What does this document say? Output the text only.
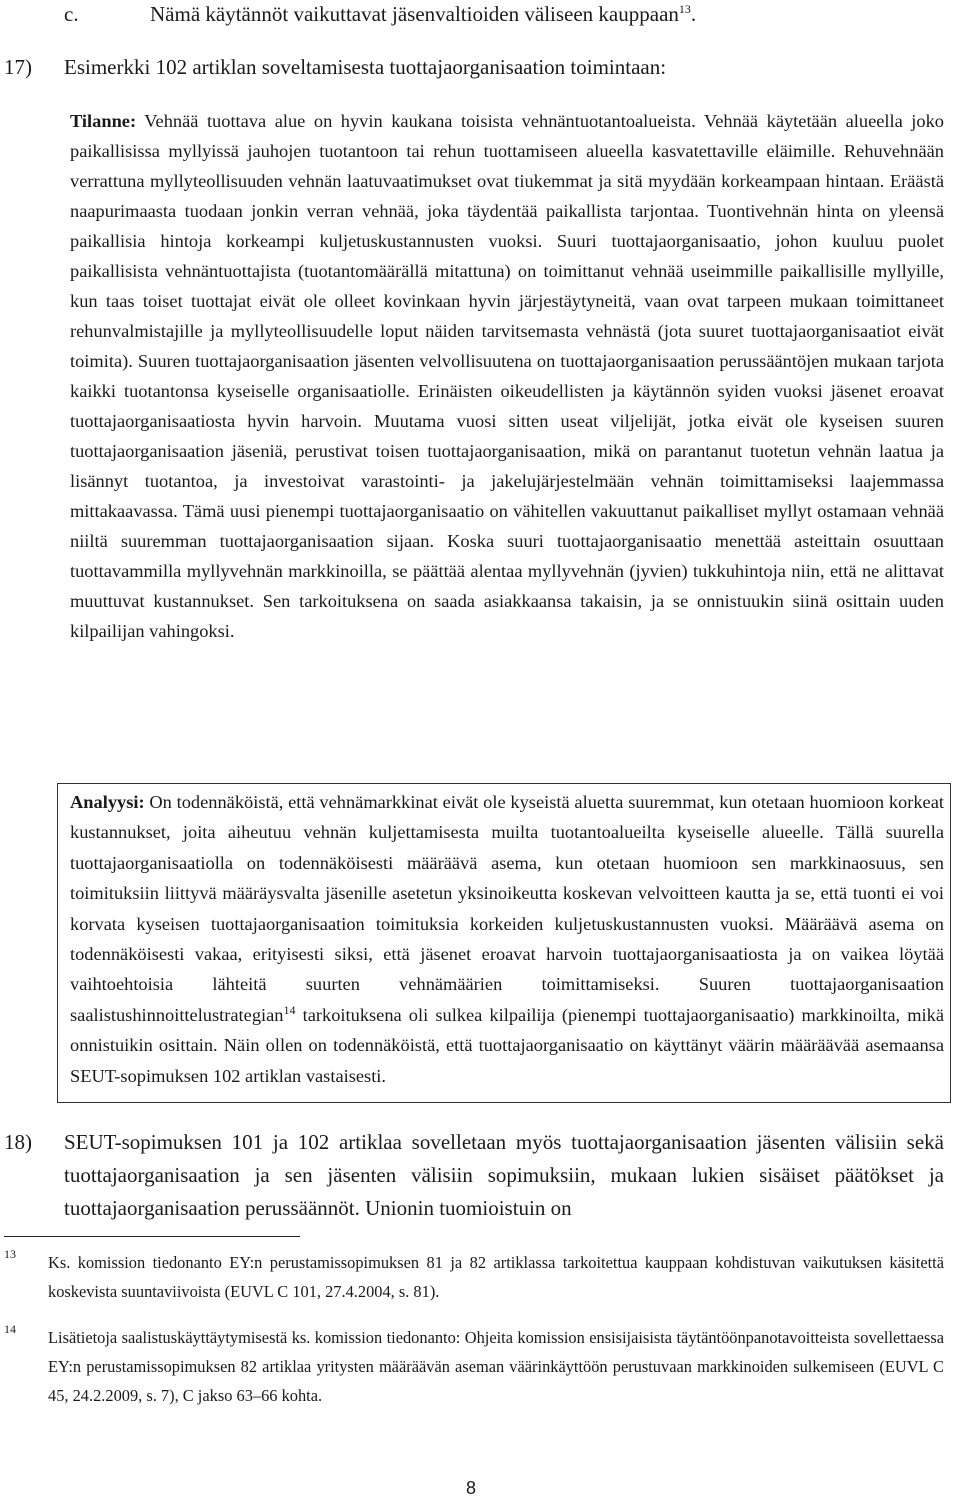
c.	Nämä käytännöt vaikuttavat jäsenvaltioiden väliseen kauppaan$^{13}$.
17) Esimerkki 102 artiklan soveltamisesta tuottajaorganisaation toimintaan:
Tilanne: Vehnää tuottava alue on hyvin kaukana toisista vehnäntuotantoalueista. Vehnää käytetään alueella joko paikallisissa myllyissä jauhojen tuotantoon tai rehun tuottamiseen alueella kasvatettaville eläimille. Rehuvehnään verrattuna myllyteollisuuden vehnän laatuvaatimukset ovat tiukemmat ja sitä myydään korkeampaan hintaan. Eräästä naapurimaasta tuodaan jonkin verran vehnää, joka täydentää paikallista tarjontaa. Tuontivehnän hinta on yleensä paikallisia hintoja korkeampi kuljetuskustannusten vuoksi. Suuri tuottajaorganisaatio, johon kuuluu puolet paikallisista vehnäntuottajista (tuotantomäärällä mitattuna) on toimittanut vehnää useimmille paikallisille myllyille, kun taas toiset tuottajat eivät ole olleet kovinkaan hyvin järjestäytyneitä, vaan ovat tarpeen mukaan toimittaneet rehunvalmistajille ja myllyteollisuudelle loput näiden tarvitsemasta vehnästä (jota suuret tuottajaorganisaatiot eivät toimita). Suuren tuottajaorganisaation jäsenten velvollisuutena on tuottajaorganisaation perussääntöjen mukaan tarjota kaikki tuotantonsa kyseiselle organisaatiolle. Erinäisten oikeudellisten ja käytännön syiden vuoksi jäsenet eroavat tuottajaorganisaatiosta hyvin harvoin. Muutama vuosi sitten useat viljelijät, jotka eivät ole kyseisen suuren tuottajaorganisaation jäseniä, perustivat toisen tuottajaorganisaation, mikä on parantanut tuotetun vehnän laatua ja lisännyt tuotantoa, ja investoivat varastointi- ja jakelujärjestelmään vehnän toimittamiseksi laajemmassa mittakaavassa. Tämä uusi pienempi tuottajaorganisaatio on vähitellen vakuuttanut paikalliset myllyt ostamaan vehnää niiltä suuremman tuottajaorganisaation sijaan. Koska suuri tuottajaorganisaatio menettää asteittain osuuttaan tuottavammilla myllyvehnän markkinoilla, se päättää alentaa myllyvehnän (jyvien) tukkuhintoja niin, että ne alittavat muuttuvat kustannukset. Sen tarkoituksena on saada asiakkaansa takaisin, ja se onnistuukin siinä osittain uuden kilpailijan vahingoksi.
Analyysi: On todennäköistä, että vehnämarkkinat eivät ole kyseistä aluetta suuremmat, kun otetaan huomioon korkeat kustannukset, joita aiheutuu vehnän kuljettamisesta muilta tuotantoalueilta kyseiselle alueelle. Tällä suurella tuottajaorganisaatiolla on todennäköisesti määräävä asema, kun otetaan huomioon sen markkinaosuus, sen toimituksiin liittyvä määräysvalta jäsenille asetetun yksinoikeutta koskevan velvoitteen kautta ja se, että tuonti ei voi korvata kyseisen tuottajaorganisaation toimituksia korkeiden kuljetuskustannusten vuoksi. Määräävä asema on todennäköisesti vakaa, erityisesti siksi, että jäsenet eroavat harvoin tuottajaorganisaatiosta ja on vaikea löytää vaihtoehtoisia lähteitä suurten vehnämäärien toimittamiseksi. Suuren tuottajaorganisaation saalistushinnoittelustrategian$^{14}$ tarkoituksena oli sulkea kilpailija (pienempi tuottajaorganisaatio) markkinoilta, mikä onnistuikin osittain. Näin ollen on todennäköistä, että tuottajaorganisaatio on käyttänyt väärin määräävää asemaansa SEUT-sopimuksen 102 artiklan vastaisesti.
18) SEUT-sopimuksen 101 ja 102 artiklaa sovelletaan myös tuottajaorganisaation jäsenten välisiin sekä tuottajaorganisaation ja sen jäsenten välisiin sopimuksiin, mukaan lukien sisäiset päätökset ja tuottajaorganisaation perussäännöt. Unionin tuomioistuin on
13 Ks. komission tiedonanto EY:n perustamissopimuksen 81 ja 82 artiklassa tarkoitettua kauppaan kohdistuvan vaikutuksen käsitettä koskevista suuntaviivoista (EUVL C 101, 27.4.2004, s. 81).
14 Lisätietoja saalistuskäyttäytymisestä ks. komission tiedonanto: Ohjeita komission ensisijaisista täytäntöönpanotavoitteista sovellettaessa EY:n perustamissopimuksen 82 artiklaa yritysten määräävän aseman väärinkäyttöön perustuvaan markkinoiden sulkemiseen (EUVL C 45, 24.2.2009, s. 7), C jakso 63–66 kohta.
8
